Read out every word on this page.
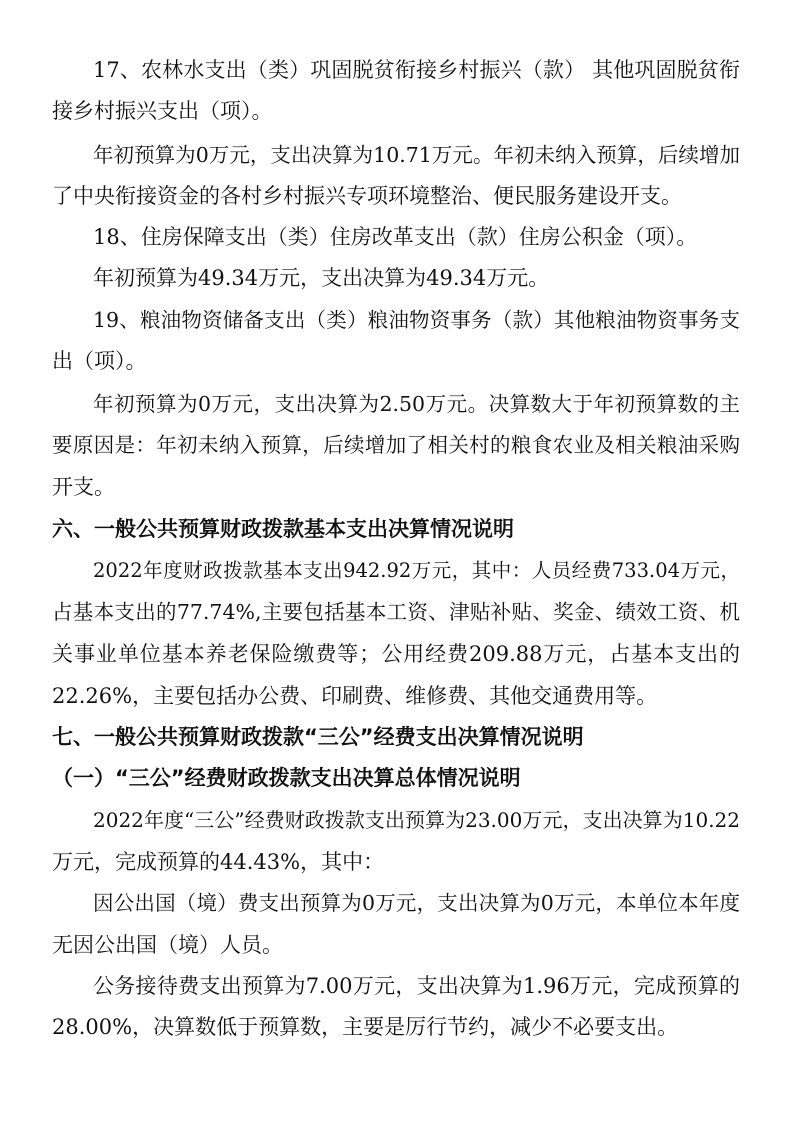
17、农林水支出（类）巩固脱贫衔接乡村振兴（款） 其他巩固脱贫衔
接乡村振兴支出（项）。
年初预算为0万元，支出决算为10.71万元。年初未纳入预算，后续增加
了中央衔接资金的各村乡村振兴专项环境整治、便民服务建设开支。
18、住房保障支出（类）住房改革支出（款）住房公积金（项）。
年初预算为49.34万元，支出决算为49.34万元。
19、粮油物资储备支出（类）粮油物资事务（款）其他粮油物资事务支
出（项）。
年初预算为0万元，支出决算为2.50万元。决算数大于年初预算数的主
要原因是：年初未纳入预算，后续增加了相关村的粮食农业及相关粮油采购
开支。
六、一般公共预算财政拨款基本支出决算情况说明
2022年度财政拨款基本支出942.92万元，其中：人员经费733.04万元，
占基本支出的77.74%,主要包括基本工资、津贴补贴、奖金、绩效工资、机
关事业单位基本养老保险缴费等；公用经费209.88万元，占基本支出的
22.26%，主要包括办公费、印刷费、维修费、其他交通费用等。
七、一般公共预算财政拨款“三公”经费支出决算情况说明
（一）“三公”经费财政拨款支出决算总体情况说明
2022年度“三公”经费财政拨款支出预算为23.00万元，支出决算为10.22
万元，完成预算的44.43%，其中：
因公出国（境）费支出预算为0万元，支出决算为0万元，本单位本年度
无因公出国（境）人员。
公务接待费支出预算为7.00万元，支出决算为1.96万元，完成预算的
28.00%，决算数低于预算数，主要是厉行节约，减少不必要支出。
